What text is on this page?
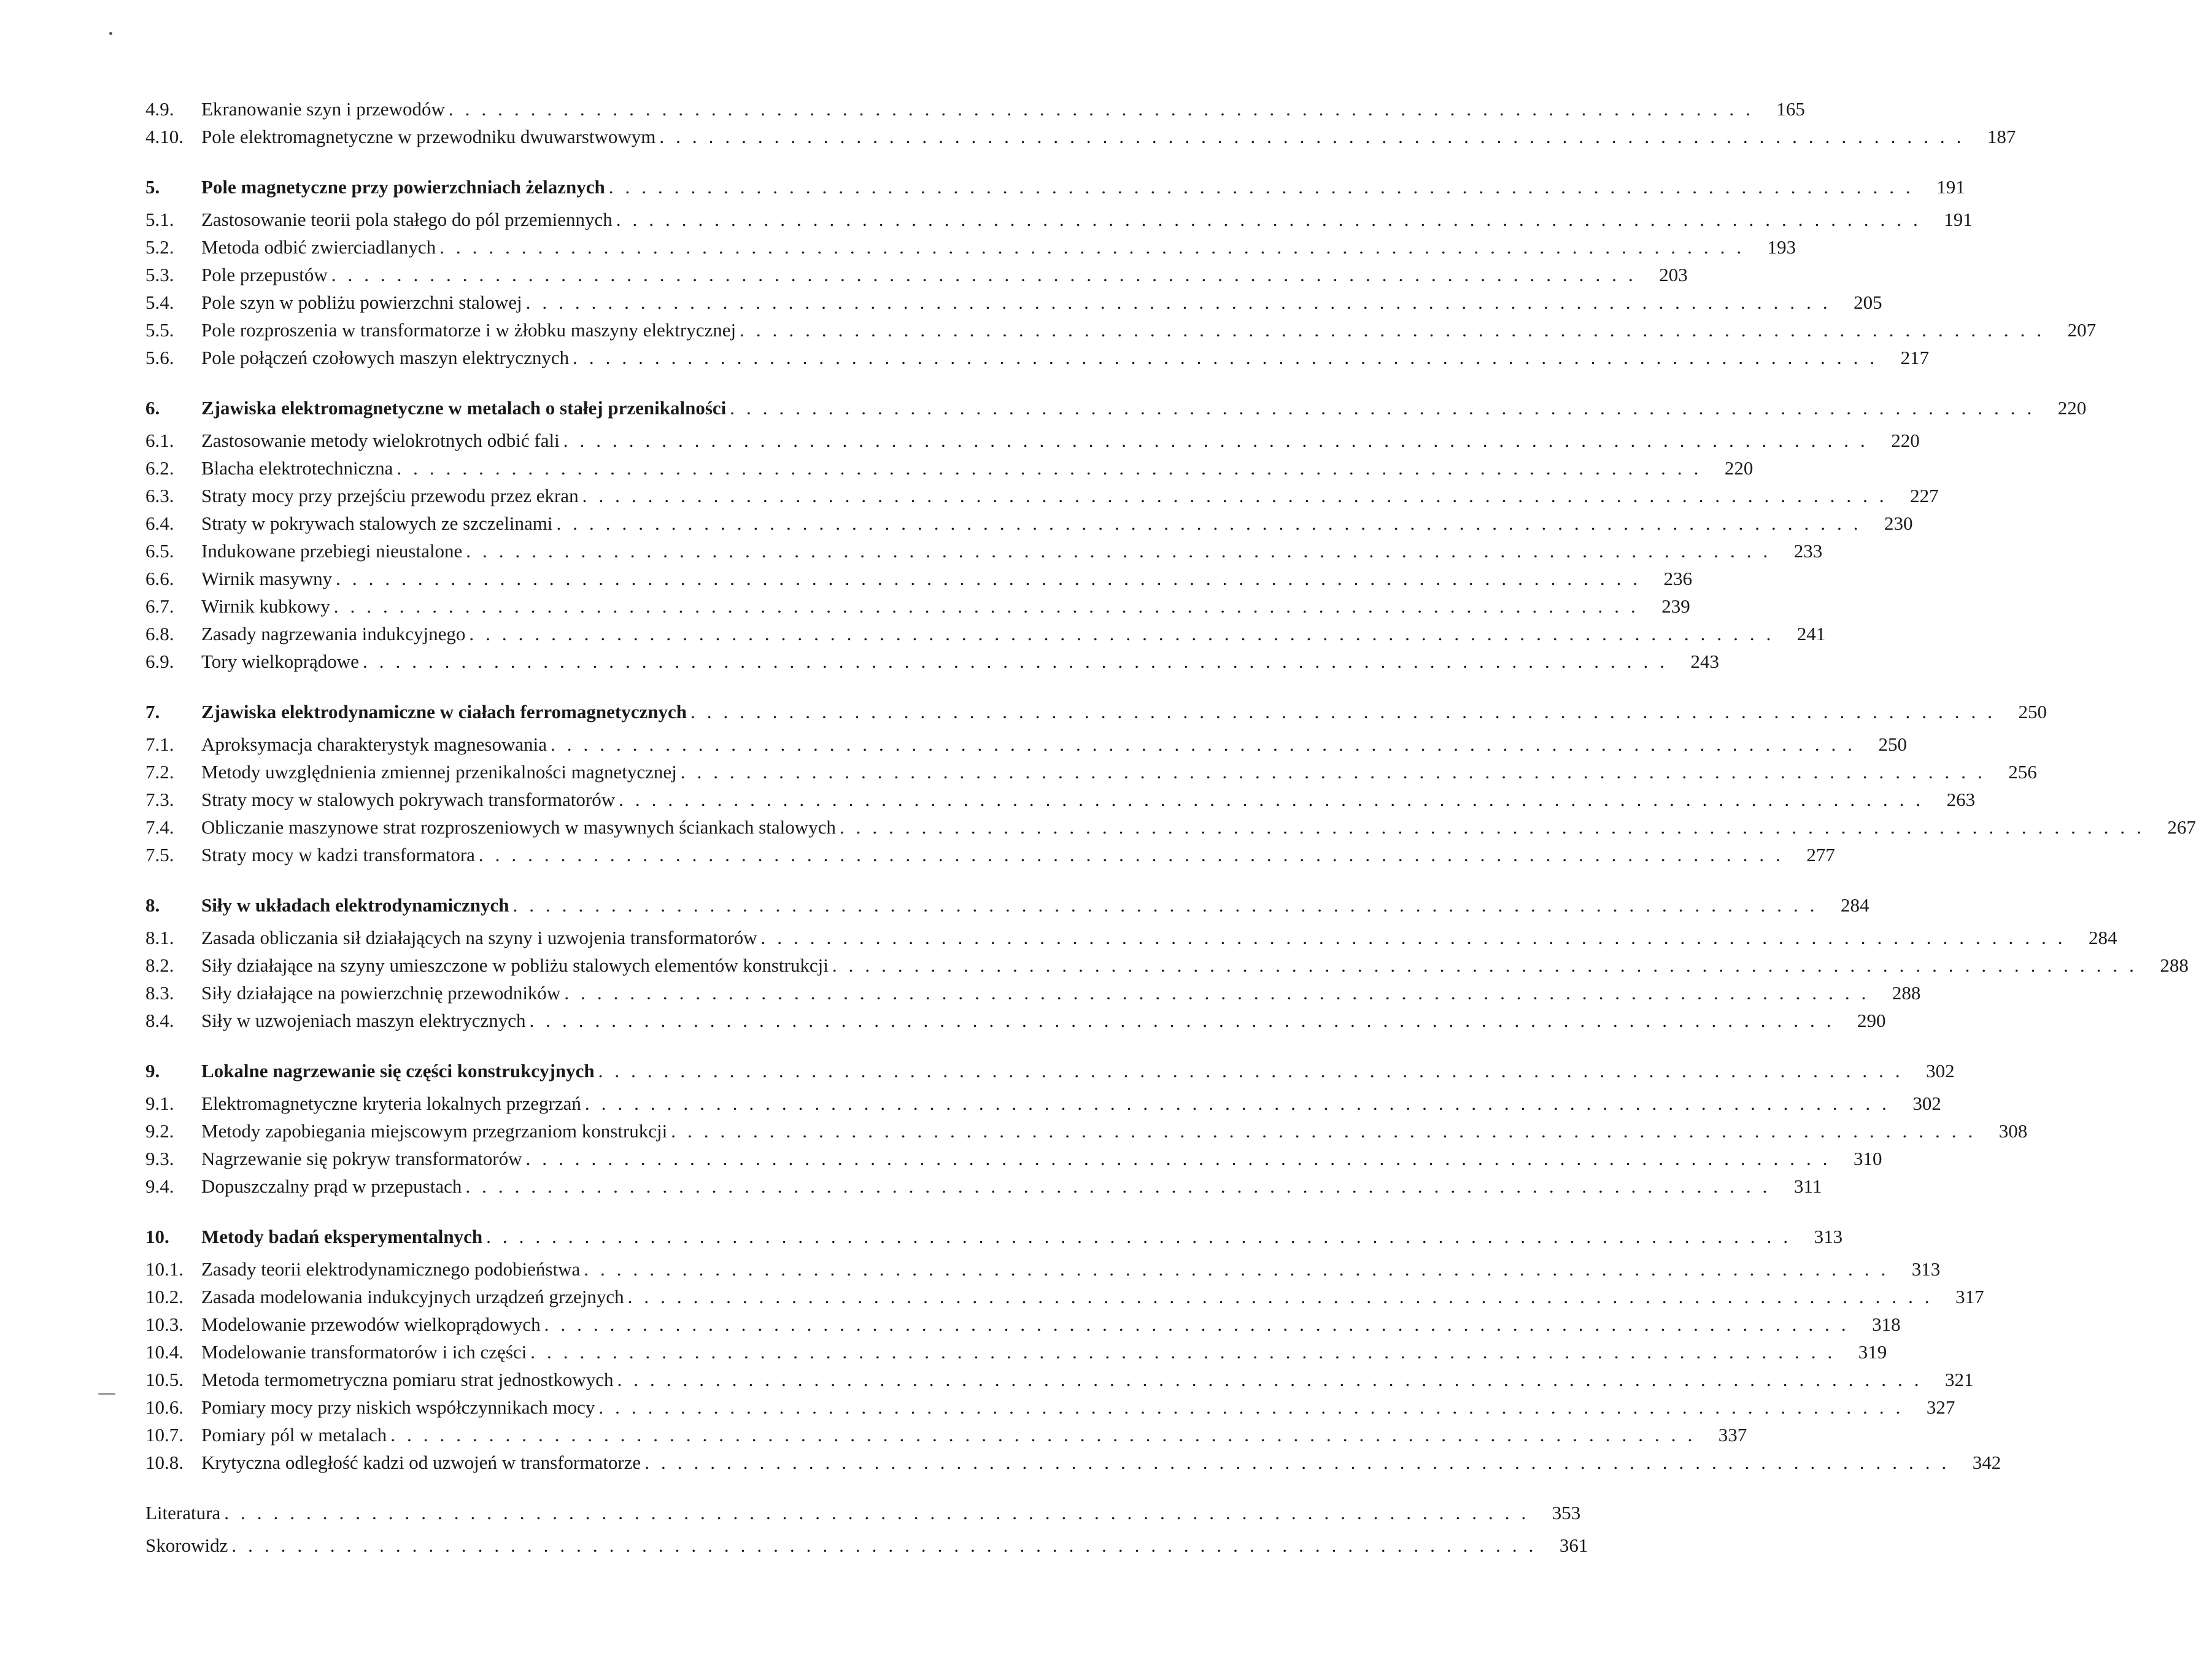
4.9.	Ekranowanie szyn i przewodów ................................................................................ 165
4.10. Pole elektromagnetyczne w przewodniku dwuwarstwowym ................................................................................ 187
5.	Pole magnetyczne przy powierzchniach żelaznych ................................................................................ 191
5.1.	Zastosowanie teorii pola stałego do pól przemiennych ................................................................................ 191
5.2.	Metoda odbić zwierciadlanych ................................................................................ 193
5.3.	Pole przepustów ................................................................................ 203
5.4.	Pole szyn w pobliżu powierzchni stalowej ................................................................................ 205
5.5.	Pole rozproszenia w transformatorze i w żłobku maszyny elektrycznej ................................................................................ 207
5.6.	Pole połączeń czołowych maszyn elektrycznych ................................................................................ 217
6.	Zjawiska elektromagnetyczne w metalach o stałej przenikalności ................................................................................ 220
6.1.	Zastosowanie metody wielokrotnych odbić fali ................................................................................ 220
6.2.	Blacha elektrotechniczna ................................................................................ 220
6.3.	Straty mocy przy przejściu przewodu przez ekran ................................................................................ 227
6.4.	Straty w pokrywach stalowych ze szczelinami ................................................................................ 230
6.5.	Indukowane przebiegi nieustalone ................................................................................ 233
6.6.	Wirnik masywny ................................................................................ 236
6.7.	Wirnik kubkowy ................................................................................ 239
6.8.	Zasady nagrzewania indukcyjnego ................................................................................ 241
6.9.	Tory wielkoprądowe ................................................................................ 243
7.	Zjawiska elektrodynamiczne w ciałach ferromagnetycznych ................................................................................ 250
7.1.	Aproksymacja charakterystyk magnesowania ................................................................................ 250
7.2.	Metody uwzględnienia zmiennej przenikalności magnetycznej ................................................................................ 256
7.3.	Straty mocy w stalowych pokrywach transformatorów ................................................................................ 263
7.4.	Obliczanie maszynowe strat rozproszeniowych w masywnych ściankach stalowych ................................................................................ 267
7.5.	Straty mocy w kadzi transformatora ................................................................................ 277
8.	Siły w układach elektrodynamicznych ................................................................................ 284
8.1.	Zasada obliczania sił działających na szyny i uzwojenia transformatorów ................................................................................ 284
8.2.	Siły działające na szyny umieszczone w pobliżu stalowych elementów konstrukcji ................................................................................ 288
8.3.	Siły działające na powierzchnię przewodników ................................................................................ 288
8.4.	Siły w uzwojeniach maszyn elektrycznych ................................................................................ 290
9.	Lokalne nagrzewanie się części konstrukcyjnych ................................................................................ 302
9.1.	Elektromagnetyczne kryteria lokalnych przegrzań ................................................................................ 302
9.2.	Metody zapobiegania miejscowym przegrzaniom konstrukcji ................................................................................ 308
9.3.	Nagrzewanie się pokryw transformatorów ................................................................................ 310
9.4.	Dopuszczalny prąd w przepustach ................................................................................ 311
10.	Metody badań eksperymentalnych ................................................................................ 313
10.1. Zasady teorii elektrodynamicznego podobieństwa ................................................................................ 313
10.2. Zasada modelowania indukcyjnych urządzeń grzejnych ................................................................................ 317
10.3. Modelowanie przewodów wielkoprądowych ................................................................................ 318
10.4. Modelowanie transformatorów i ich części ................................................................................ 319
10.5. Metoda termometryczna pomiaru strat jednostkowych ................................................................................ 321
10.6. Pomiary mocy przy niskich współczynnikach mocy ................................................................................ 327
10.7. Pomiary pól w metalach ................................................................................ 337
10.8. Krytyczna odległość kadzi od uzwojeń w transformatorze ................................................................................ 342
Literatura ................................................................................ 353
Skorowidz ................................................................................ 361
